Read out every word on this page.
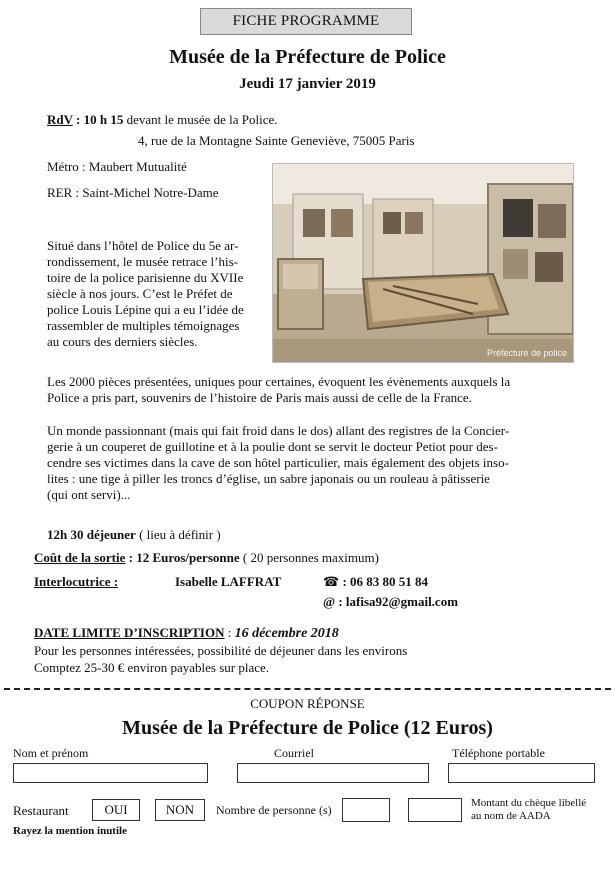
FICHE PROGRAMME
Musée de la Préfecture de Police
Jeudi 17 janvier 2019
RdV : 10 h 15 devant le musée de la Police.
4, rue de la Montagne Sainte Geneviève, 75005 Paris
Métro : Maubert Mutualité
RER : Saint-Michel Notre-Dame
Préfecture de police
Situé dans l’hôtel de Police du 5e ar-
rondissement, le musée retrace l’his-
toire de la police parisienne du XVIIe
siècle à nos jours. C’est le Préfet de
police Louis Lépine qui a eu l’idée de
rassembler de multiples témoignages
au cours des derniers siècles.
Les 2000 pièces présentées, uniques pour certaines, évoquent les évènements auxquels la
Police a pris part, souvenirs de l’histoire de Paris mais aussi de celle de la France.
Un monde passionnant (mais qui fait froid dans le dos) allant des registres de la Concier-
gerie à un couperet de guillotine et à la poulie dont se servit le docteur Petiot pour des-
cendre ses victimes dans la cave de son hôtel particulier, mais également des objets inso-
lites : une tige à piller les troncs d’église, un sabre japonais ou un rouleau à pâtisserie
(qui ont servi)...
12h 30 déjeuner ( lieu à définir )
Coût de la sortie : 12 Euros/personne ( 20 personnes maximum)
Interlocutrice :	Isabelle LAFFRAT	☎ : 06 83 80 51 84
@ : lafisa92@gmail.com
DATE LIMITE D’INSCRIPTION : 16 décembre 2018
Pour les personnes intéressées, possibilité de déjeuner dans les environs
Comptez 25-30 € environ payables sur place.
COUPON RÉPONSE
Musée de la Préfecture de Police (12 Euros)
Nom et prénom	Courriel	Téléphone portable
Restaurant	OUI	NON	Nombre de personne (s)	Montant du chèque libellé
au nom de AADA
Rayez la mention inutile
